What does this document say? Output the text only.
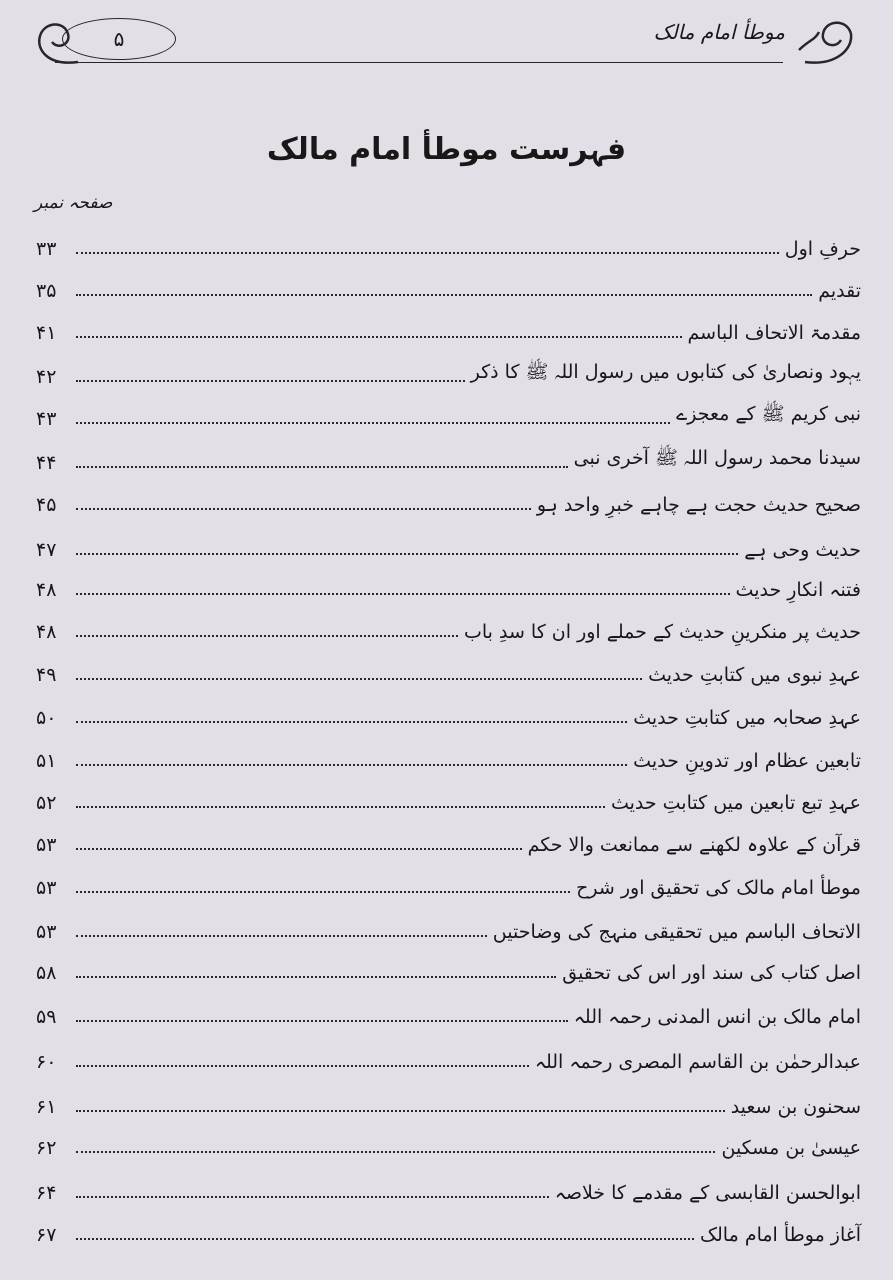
۵	موطأ امام مالک
فہرست موطأ امام مالک
صفحہ نمبر
حرفِ اول
۳۳
تقدیم
۳۵
مقدمۃ الاتحاف الباسم
۴۱
یہود ونصاریٰ کی کتابوں میں رسول اللہ ﷺ کا ذکر
۴۲
نبی کریم ﷺ کے معجزے
۴۳
سیدنا محمد رسول اللہ ﷺ آخری نبی
۴۴
صحیح حدیث حجت ہے چاہے خبرِ واحد ہو
۴۵
حدیث وحی ہے
۴۷
فتنہ انکارِ حدیث
۴۸
حدیث پر منکرینِ حدیث کے حملے اور ان کا سدِ باب
۴۸
عہدِ نبوی میں کتابتِ حدیث
۴۹
عہدِ صحابہ میں کتابتِ حدیث
۵۰
تابعین عظام اور تدوینِ حدیث
۵۱
عہدِ تبع تابعین میں کتابتِ حدیث
۵۲
قرآن کے علاوہ لکھنے سے ممانعت والا حکم
۵۳
موطأ امام مالک کی تحقیق اور شرح
۵۳
الاتحاف الباسم میں تحقیقی منہج کی وضاحتیں
۵۳
اصل کتاب کی سند اور اس کی تحقیق
۵۸
امام مالک بن انس المدنی رحمہ اللہ
۵۹
عبدالرحمٰن بن القاسم المصری رحمہ اللہ
۶۰
سحنون بن سعید
۶۱
عیسیٰ بن مسکین
۶۲
ابوالحسن القابسی کے مقدمے کا خلاصہ
۶۴
آغاز موطأ امام مالک
۶۷
